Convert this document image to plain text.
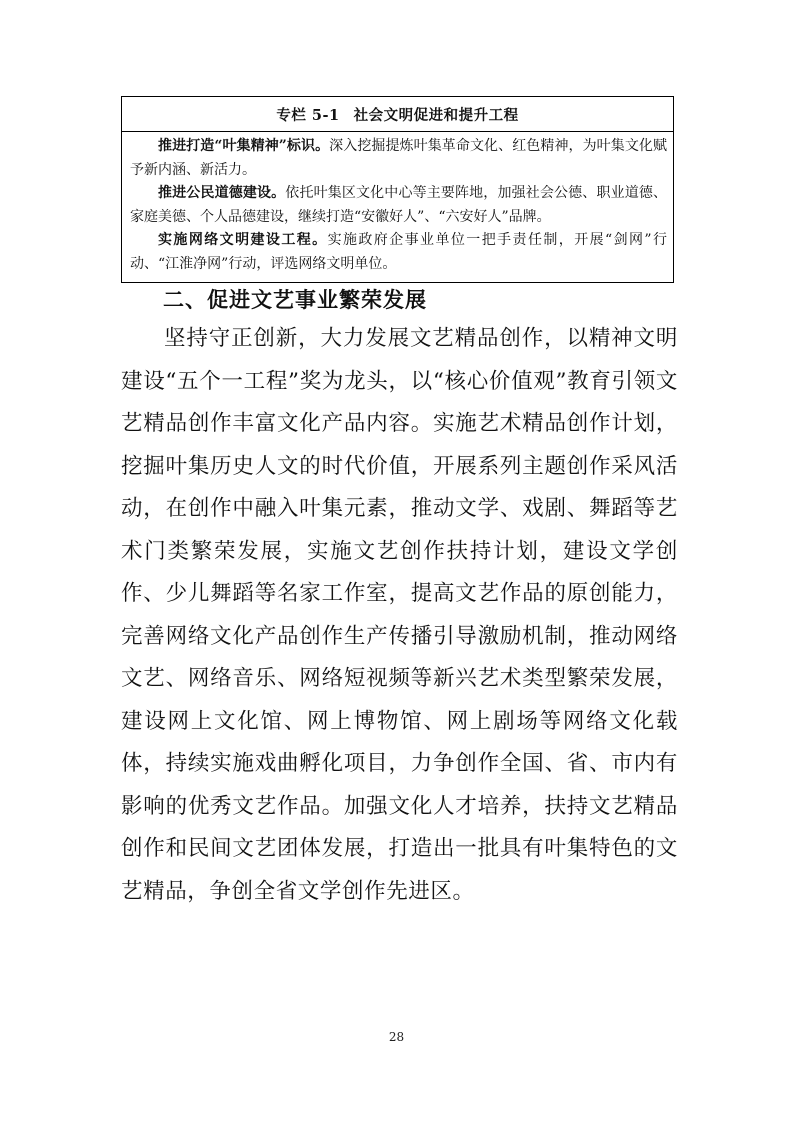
专栏 5-1 社会文明促进和提升工程

推进打造“叶集精神”标识。深入挖掘提炼叶集革命文化、红色精神，为叶集文化赋予新内涵、新活力。

推进公民道德建设。依托叶集区文化中心等主要阵地，加强社会公德、职业道德、家庭美德、个人品德建设，继续打造“安徽好人”、“六安好人”品牌。

实施网络文明建设工程。实施政府企事业单位一把手责任制，开展“剑网”行动、“江淮净网”行动，评选网络文明单位。

二、促进文艺事业繁荣发展

坚持守正创新，大力发展文艺精品创作，以精神文明建设“五个一工程”奖为龙头，以“核心价值观”教育引领文艺精品创作丰富文化产品内容。实施艺术精品创作计划，挖掘叶集历史人文的时代价值，开展系列主题创作采风活动，在创作中融入叶集元素，推动文学、戏剧、舞蹈等艺术门类繁荣发展，实施文艺创作扶持计划，建设文学创作、少儿舞蹈等名家工作室，提高文艺作品的原创能力，完善网络文化产品创作生产传播引导激励机制，推动网络文艺、网络音乐、网络短视频等新兴艺术类型繁荣发展，建设网上文化馆、网上博物馆、网上剧场等网络文化载体，持续实施戏曲孵化项目，力争创作全国、省、市内有影响的优秀文艺作品。加强文化人才培养，扶持文艺精品创作和民间文艺团体发展，打造出一批具有叶集特色的文艺精品，争创全省文学创作先进区。

28
